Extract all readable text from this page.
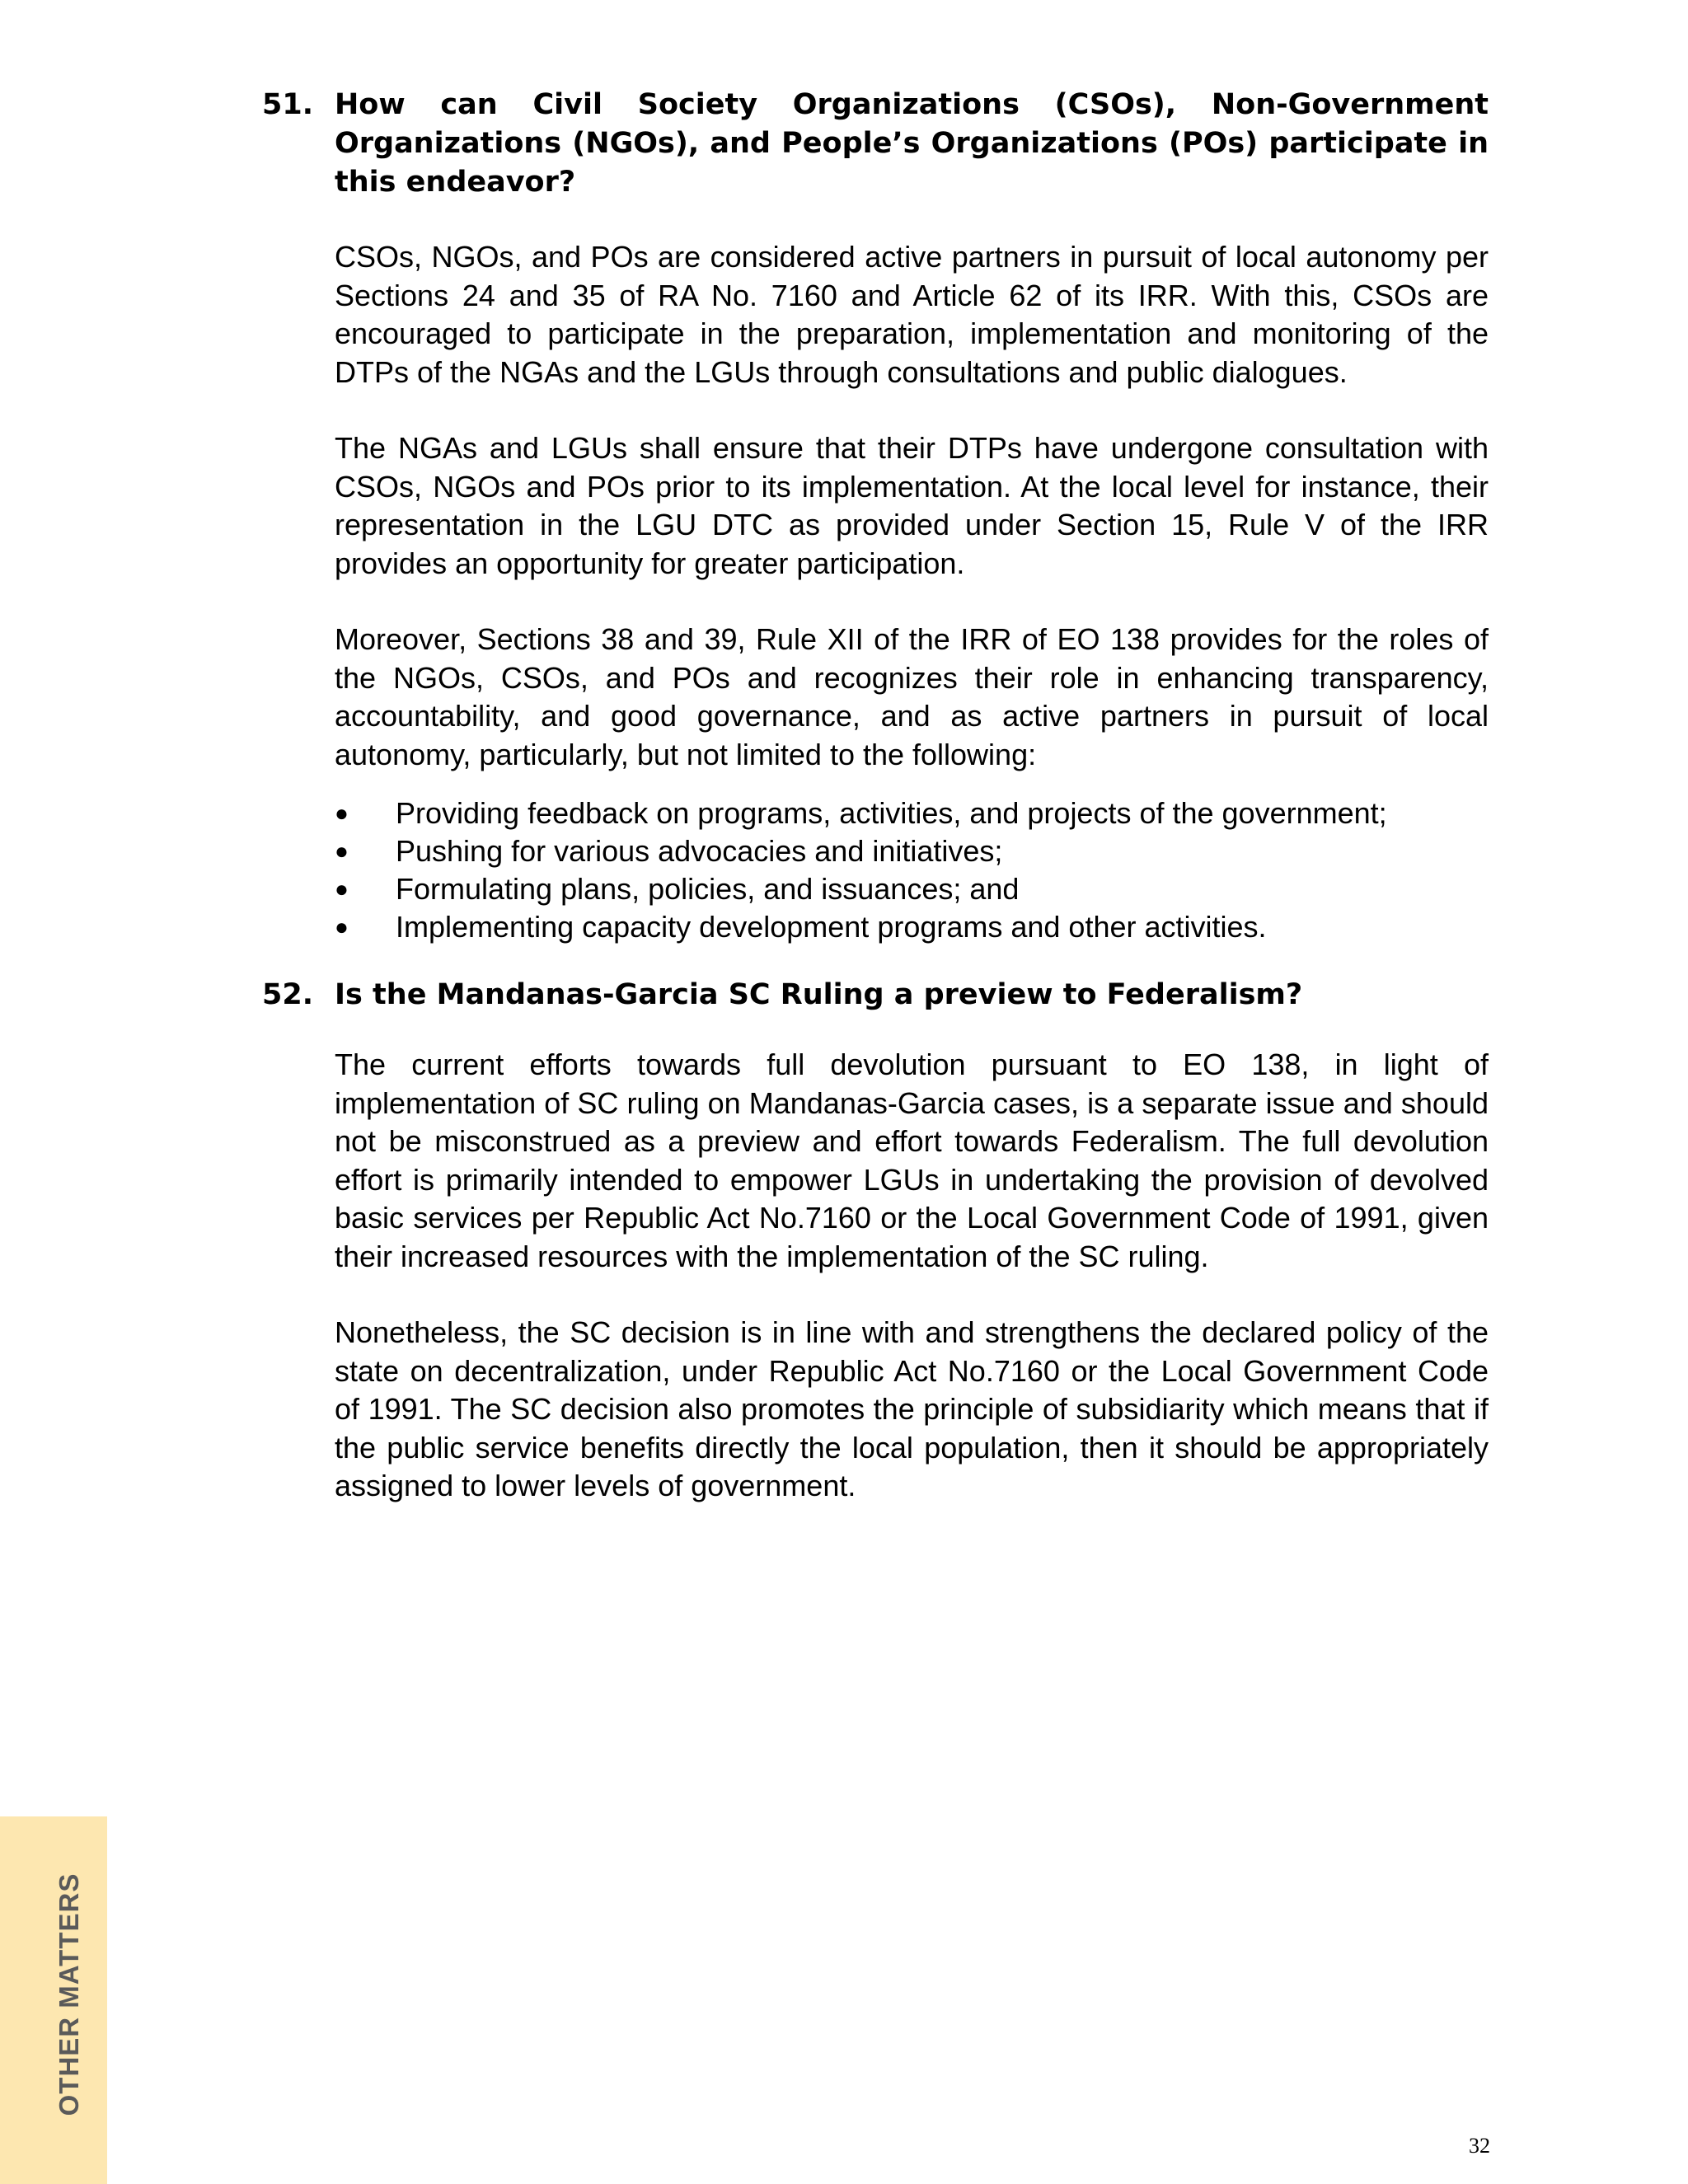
51. How can Civil Society Organizations (CSOs), Non-Government Organizations (NGOs), and People’s Organizations (POs) participate in this endeavor?

CSOs, NGOs, and POs are considered active partners in pursuit of local autonomy per Sections 24 and 35 of RA No. 7160 and Article 62 of its IRR. With this, CSOs are encouraged to participate in the preparation, implementation and monitoring of the DTPs of the NGAs and the LGUs through consultations and public dialogues.

The NGAs and LGUs shall ensure that their DTPs have undergone consultation with CSOs, NGOs and POs prior to its implementation. At the local level for instance, their representation in the LGU DTC as provided under Section 15, Rule V of the IRR provides an opportunity for greater participation.

Moreover, Sections 38 and 39, Rule XII of the IRR of EO 138 provides for the roles of the NGOs, CSOs, and POs and recognizes their role in enhancing transparency, accountability, and good governance, and as active partners in pursuit of local autonomy, particularly, but not limited to the following:

●	Providing feedback on programs, activities, and projects of the government;
●	Pushing for various advocacies and initiatives;
●	Formulating plans, policies, and issuances; and
●	Implementing capacity development programs and other activities.
52. Is the Mandanas-Garcia SC Ruling a preview to Federalism?

The current efforts towards full devolution pursuant to EO 138, in light of implementation of SC ruling on Mandanas-Garcia cases, is a separate issue and should not be misconstrued as a preview and effort towards Federalism. The full devolution effort is primarily intended to empower LGUs in undertaking the provision of devolved basic services per Republic Act No.7160 or the Local Government Code of 1991, given their increased resources with the implementation of the SC ruling.

Nonetheless, the SC decision is in line with and strengthens the declared policy of the state on decentralization, under Republic Act No.7160 or the Local Government Code of 1991. The SC decision also promotes the principle of subsidiarity which means that if the public service benefits directly the local population, then it should be appropriately assigned to lower levels of government.

OTHER MATTERS
32
